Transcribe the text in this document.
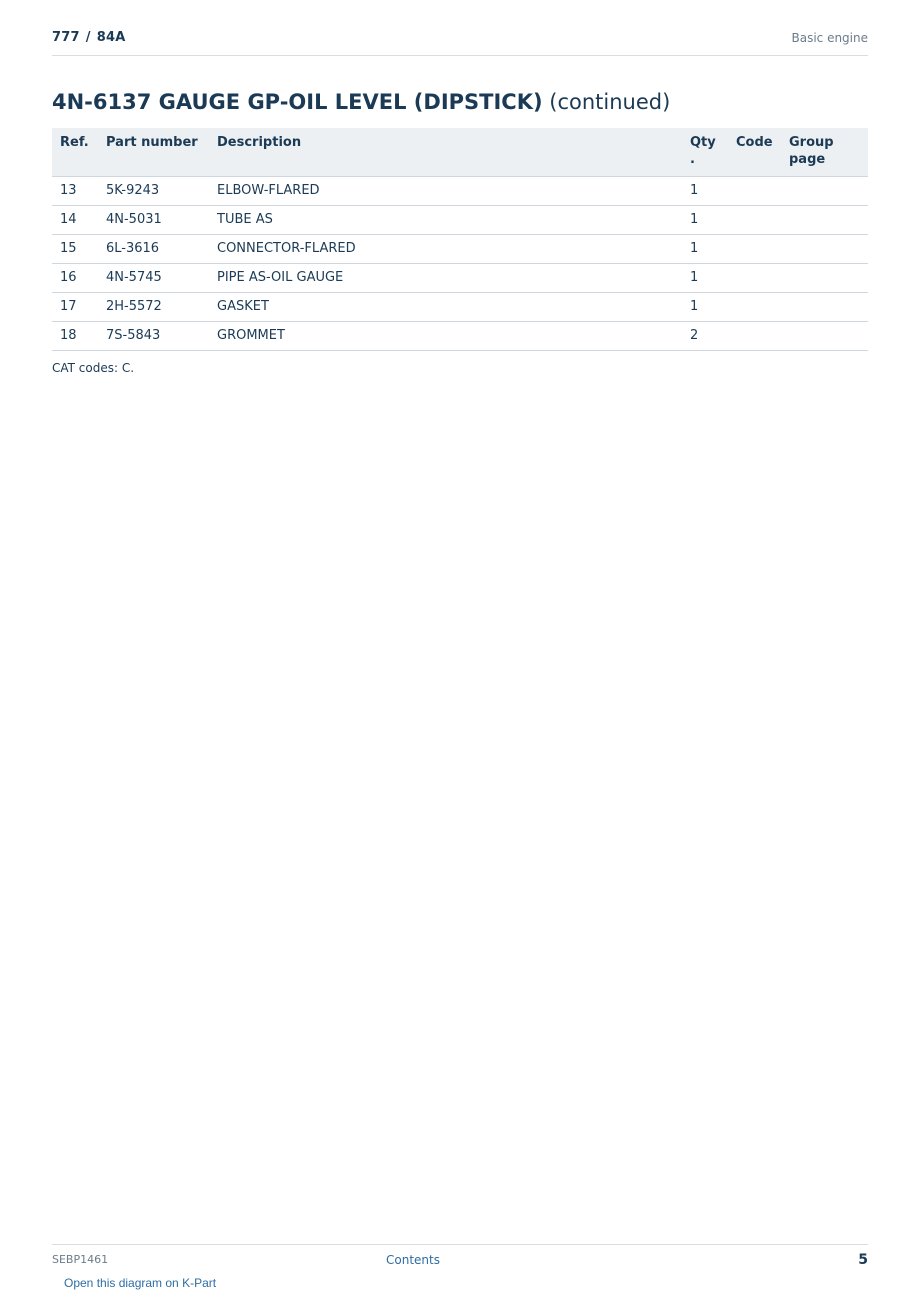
777 / 84A	Basic engine
4N-6137 GAUGE GP-OIL LEVEL (DIPSTICK) (continued)
Ref.	Part number	Description	Qty .	Code	Group page
13	5K-9243	ELBOW-FLARED	1		
14	4N-5031	TUBE AS	1		
15	6L-3616	CONNECTOR-FLARED	1		
16	4N-5745	PIPE AS-OIL GAUGE	1		
17	2H-5572	GASKET	1		
18	7S-5843	GROMMET	2		
CAT codes: C.
SEBP1461	Contents	5
Open this diagram on K-Part
